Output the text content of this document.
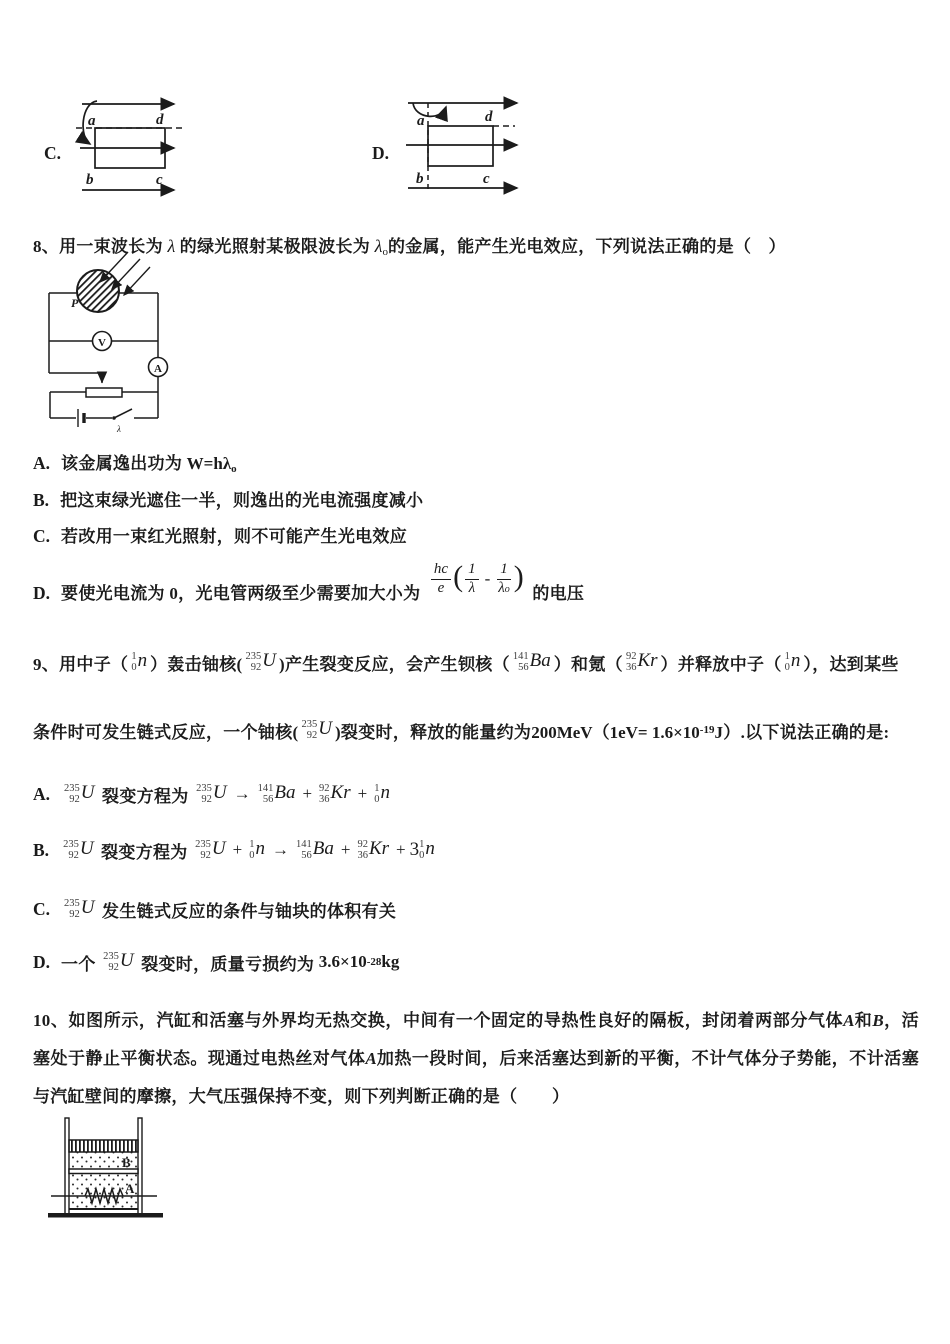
C.
a	d
b	c
D.
a	d
b	c
8、用一束波长为 λ 的绿光照射某极限波长为 λo的金属，能产生光电效应，下列说法正确的是（　）
V
A
λ
P
A. 该金属逸出功为 W=hλo
B. 把这束绿光遮住一半，则逸出的光电流强度减小
C. 若改用一束红光照射，则不可能产生光电效应
D. 要使光电流为 0，光电管两级至少需要加大小为 $\frac{hc}{e}$ ( $\frac{1}{\lambda} - \frac{1}{\text{λ o}}$ )
的电压
9、用中子（ 1
0 n ）轰击铀核( 235
92 U )产生裂变反应，会产生钡核（ 141
56 Ba ）和氪（ 92
36 Kr ）并释放中子（ 1
0 n ），达到某些
条件时可发生链式反应，一个铀核( 235
92 U )裂变时，释放的能量约为 200MeV（1eV= 1.6×10 -19 J）.以下说法正确的是:
A. 235
92 U 裂变方程为 235
92 U → 141
56 Ba + 92
36 Kr + 1
0 n
B. 235
92 U 裂变方程为 235
92 U + 1
0 n → 141
56 Ba + 92
36 Kr + 3 1
0 n
C. 235
92 U 发生链式反应的条件与铀块的体积有关
D. 一个 235
92 U 裂变时，质量亏损约为 3.6×10 -28 kg
10、如图所示，汽缸和活塞与外界均无热交换，中间有一个固定的导热性良好的隔板，封闭着两部分气体A和B，活
塞处于静止平衡状态。现通过电热丝对气体A加热一段时间，后来活塞达到新的平衡，不计气体分子势能，不计活塞
与汽缸壁间的摩擦，大气压强保持不变，则下列判断正确的是（　　）
B
A
